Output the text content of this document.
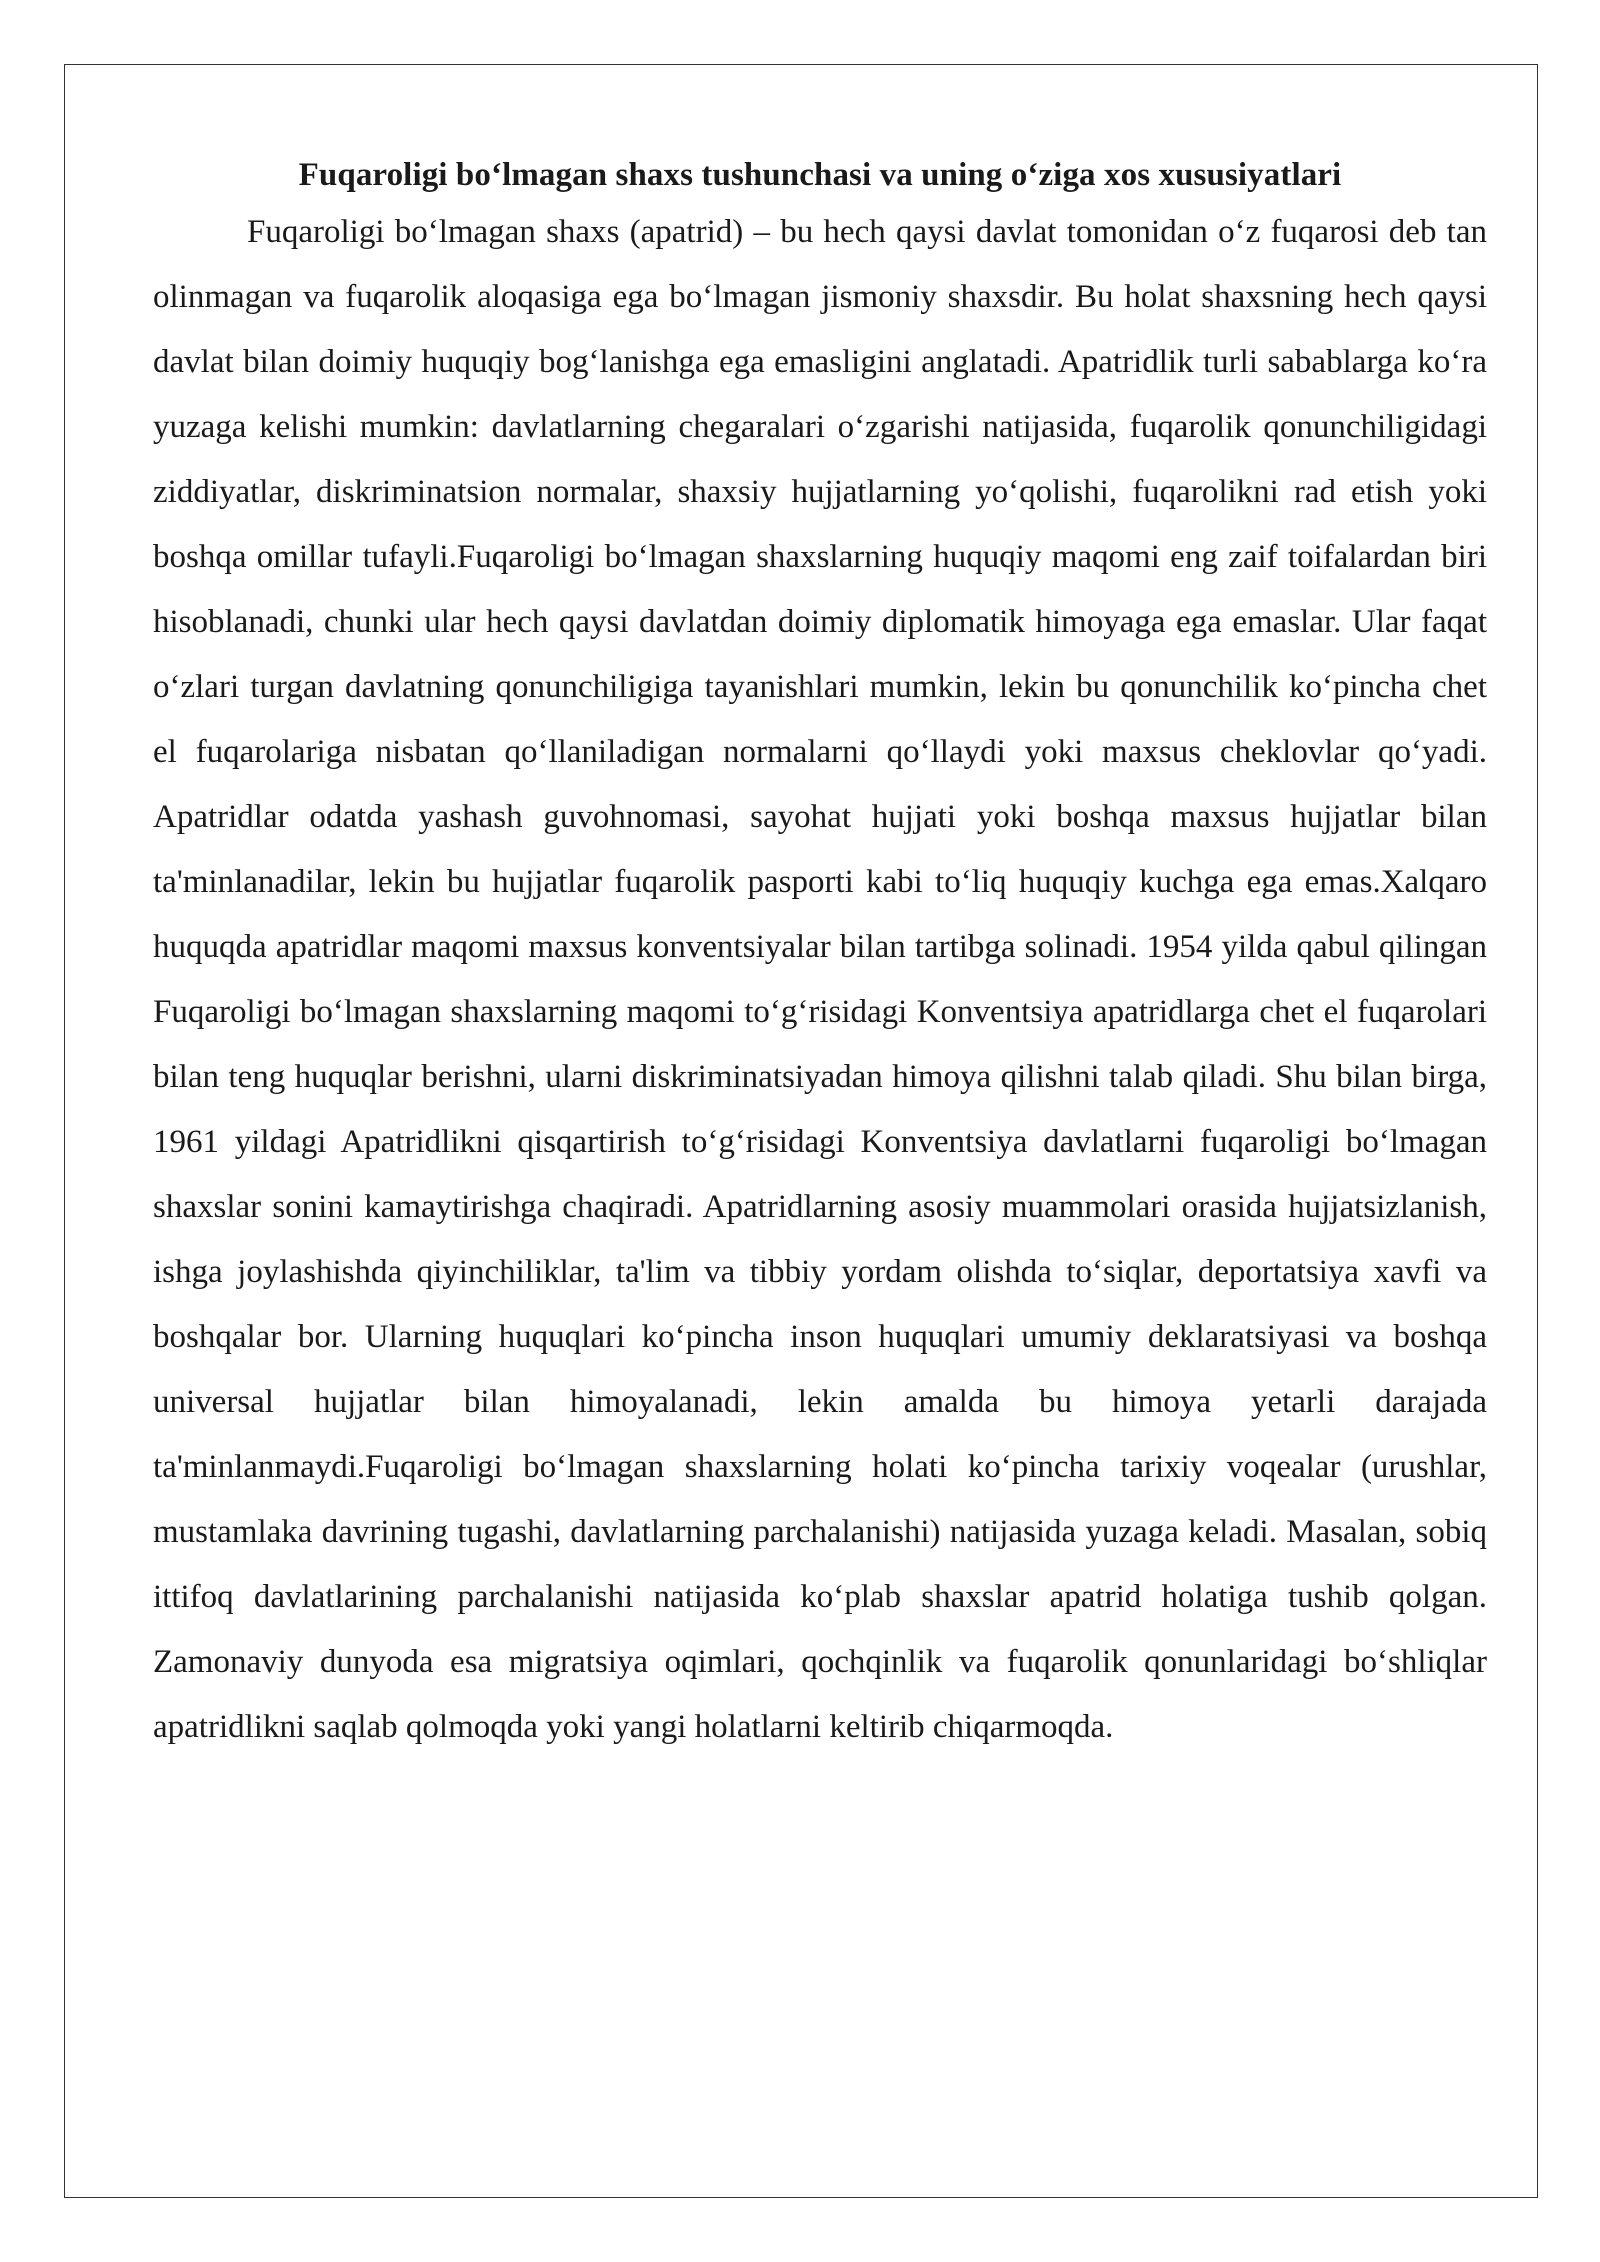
Fuqaroligi boʻlmagan shaxs tushunchasi va uning oʻziga xos xususiyatlari

Fuqaroligi boʻlmagan shaxs (apatrid) – bu hech qaysi davlat tomonidan oʻz fuqarosi deb tan olinmagan va fuqarolik aloqasiga ega boʻlmagan jismoniy shaxsdir. Bu holat shaxsning hech qaysi davlat bilan doimiy huquqiy bogʻlanishga ega emasligini anglatadi. Apatridlik turli sabablarga koʻra yuzaga kelishi mumkin: davlatlarning chegaralari oʻzgarishi natijasida, fuqarolik qonunchiligidagi ziddiyatlar, diskriminatsion normalar, shaxsiy hujjatlarning yoʻqolishi, fuqarolikni rad etish yoki boshqa omillar tufayli.Fuqaroligi boʻlmagan shaxslarning huquqiy maqomi eng zaif toifalardan biri hisoblanadi, chunki ular hech qaysi davlatdan doimiy diplomatik himoyaga ega emaslar. Ular faqat oʻzlari turgan davlatning qonunchiligiga tayanishlari mumkin, lekin bu qonunchilik koʻpincha chet el fuqarolariga nisbatan qoʻllaniladigan normalarni qoʻllaydi yoki maxsus cheklovlar qoʻyadi. Apatridlar odatda yashash guvohnomasi, sayohat hujjati yoki boshqa maxsus hujjatlar bilan ta'minlanadilar, lekin bu hujjatlar fuqarolik pasporti kabi toʻliq huquqiy kuchga ega emas.Xalqaro huquqda apatridlar maqomi maxsus konventsiyalar bilan tartibga solinadi. 1954 yilda qabul qilingan Fuqaroligi boʻlmagan shaxslarning maqomi toʻgʻrisidagi Konventsiya apatridlarga chet el fuqarolari bilan teng huquqlar berishni, ularni diskriminatsiyadan himoya qilishni talab qiladi. Shu bilan birga, 1961 yildagi Apatridlikni qisqartirish toʻgʻrisidagi Konventsiya davlatlarni fuqaroligi boʻlmagan shaxslar sonini kamaytirishga chaqiradi. Apatridlarning asosiy muammolari orasida hujjatsizlanish, ishga joylashishda qiyinchiliklar, ta'lim va tibbiy yordam olishda toʻsiqlar, deportatsiya xavfi va boshqalar bor. Ularning huquqlari koʻpincha inson huquqlari umumiy deklaratsiyasi va boshqa universal hujjatlar bilan himoyalanadi, lekin amalda bu himoya yetarli darajada ta'minlanmaydi.Fuqaroligi boʻlmagan shaxslarning holati koʻpincha tarixiy voqealar (urushlar, mustamlaka davrining tugashi, davlatlarning parchalanishi) natijasida yuzaga keladi. Masalan, sobiq ittifoq davlatlarining parchalanishi natijasida koʻplab shaxslar apatrid holatiga tushib qolgan. Zamonaviy dunyoda esa migratsiya oqimlari, qochqinlik va fuqarolik qonunlaridagi boʻshliqlar apatridlikni saqlab qolmoqda yoki yangi holatlarni keltirib chiqarmoqda.
